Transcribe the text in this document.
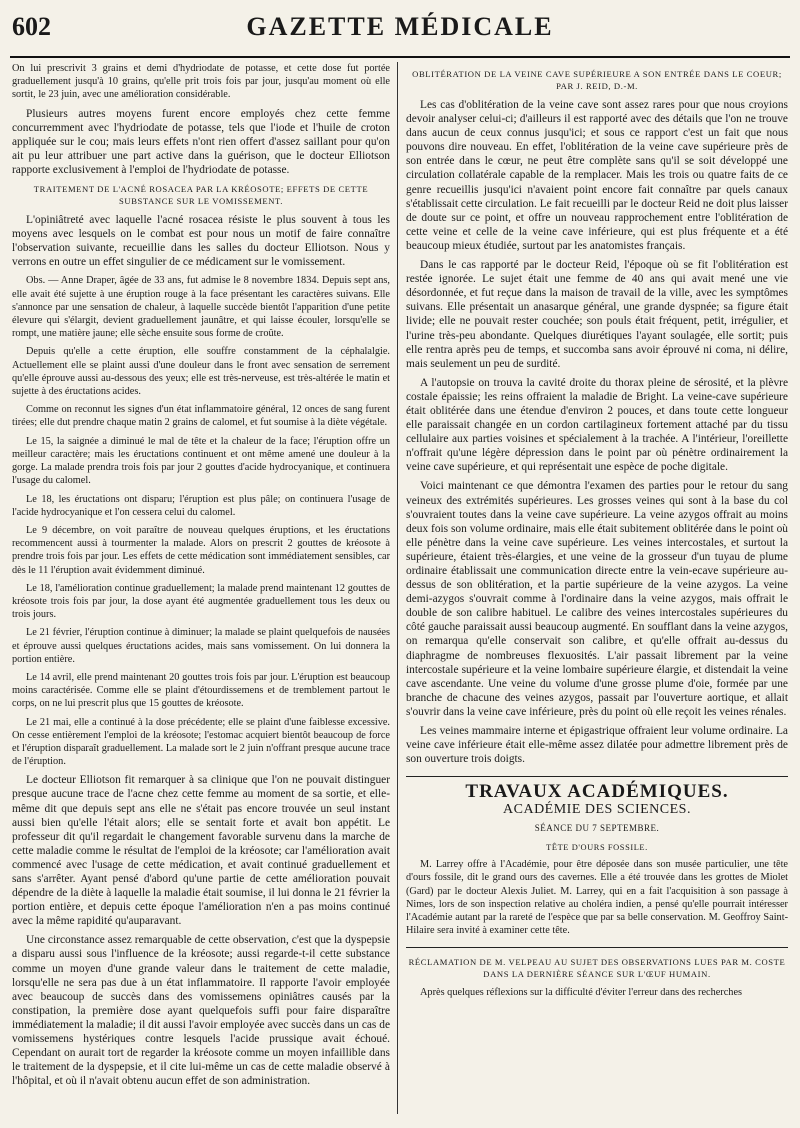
602	GAZETTE MÉDICALE

On lui prescrivit 3 grains et demi d'hydriodate de potasse, et cette dose fut portée graduellement jusqu'à 10 grains, qu'elle prit trois fois par jour, jusqu'au moment où elle sortit, le 23 juin, avec une amélioration considérable.

Plusieurs autres moyens furent encore employés chez cette femme concurremment avec l'hydriodate de potasse, tels que l'iode et l'huile de croton appliquée sur le cou; mais leurs effets n'ont rien offert d'assez saillant pour qu'on ait pu leur attribuer une part active dans la guérison, que le docteur Elliotson rapporte exclusivement à l'emploi de l'hydriodate de potasse.

TRAITEMENT DE L'ACNÉ ROSACEA PAR LA KRÉOSOTE; EFFETS DE CETTE SUBSTANCE SUR LE VOMISSEMENT.

L'opiniâtreté avec laquelle l'acné rosacea résiste le plus souvent à tous les moyens avec lesquels on le combat est pour nous un motif de faire connaître l'observation suivante, recueillie dans les salles du docteur Elliotson. Nous y verrons en outre un effet singulier de ce médicament sur le vomissement.

Obs. — Anne Draper, âgée de 33 ans, fut admise le 8 novembre 1834. Depuis sept ans, elle avait été sujette à une éruption rouge à la face présentant les caractères suivans. Elle s'annonce par une sensation de chaleur, à laquelle succède bientôt l'apparition d'une petite élevure qui s'élargit, devient graduellement jaunâtre, et qui laisse écouler, lorsqu'elle se rompt, une matière jaune; elle sèche ensuite sous forme de croûte.

Depuis qu'elle a cette éruption, elle souffre constamment de la céphalalgie. Actuellement elle se plaint aussi d'une douleur dans le front avec sensation de serrement qu'elle éprouve aussi au-dessous des yeux; elle est très-nerveuse, est très-altérée le matin et sujette à des éructations acides.

Comme on reconnut les signes d'un état inflammatoire général, 12 onces de sang furent tirées; elle dut prendre chaque matin 2 grains de calomel, et fut soumise à la diète végétale.

Le 15, la saignée a diminué le mal de tête et la chaleur de la face; l'éruption offre un meilleur caractère; mais les éructations continuent et ont même amené une douleur à la gorge. La malade prendra trois fois par jour 2 gouttes d'acide hydrocyanique, et continuera l'usage du calomel.

Le 18, les éructations ont disparu; l'éruption est plus pâle; on continuera l'usage de l'acide hydrocyanique et l'on cessera celui du calomel.

Le 9 décembre, on voit paraître de nouveau quelques éruptions, et les éructations recommencent aussi à tourmenter la malade. Alors on prescrit 2 gouttes de kréosote à prendre trois fois par jour. Les effets de cette médication sont immédiatement sensibles, car dès le 11 l'éruption avait évidemment diminué.

Le 18, l'amélioration continue graduellement; la malade prend maintenant 12 gouttes de kréosote trois fois par jour, la dose ayant été augmentée graduellement tous les deux ou trois jours.

Le 21 février, l'éruption continue à diminuer; la malade se plaint quelquefois de nausées et éprouve aussi quelques éructations acides, mais sans vomissement. On lui donnera la portion entière.

Le 14 avril, elle prend maintenant 20 gouttes trois fois par jour. L'éruption est beaucoup moins caractérisée. Comme elle se plaint d'étourdissemens et de tremblement partout le corps, on ne lui prescrit plus que 15 gouttes de kréosote.

Le 21 mai, elle a continué à la dose précédente; elle se plaint d'une faiblesse excessive. On cesse entièrement l'emploi de la kréosote; l'estomac acquiert bientôt beaucoup de force et l'éruption disparaît graduellement. La malade sort le 2 juin n'offrant presque aucune trace de l'éruption.

Le docteur Elliotson fit remarquer à sa clinique que l'on ne pouvait distinguer presque aucune trace de l'acne chez cette femme au moment de sa sortie, et elle-même dit que depuis sept ans elle ne s'était pas encore trouvée un seul instant aussi bien qu'elle l'était alors; elle se sentait forte et avait bon appétit. Le professeur dit qu'il regardait le changement favorable survenu dans la marche de cette maladie comme le résultat de l'emploi de la kréosote; car l'amélioration avait commencé avec l'usage de cette médication, et avait continué graduellement et sans s'arrêter. Ayant pensé d'abord qu'une partie de cette amélioration pouvait dépendre de la diète à laquelle la maladie était soumise, il lui donna le 21 février la portion entière, et depuis cette époque l'amélioration n'en a pas moins continué avec la même rapidité qu'auparavant.

Une circonstance assez remarquable de cette observation, c'est que la dyspepsie a disparu aussi sous l'influence de la kréosote; aussi regarde-t-il cette substance comme un moyen d'une grande valeur dans le traitement de cette maladie, lorsqu'elle ne sera pas due à un état inflammatoire. Il rapporte l'avoir employée avec beaucoup de succès dans des vomissemens opiniâtres causés par la constipation, la première dose ayant quelquefois suffi pour faire disparaître immédiatement la maladie; il dit aussi l'avoir employée avec succès dans un cas de vomissemens hystériques contre lesquels l'acide prussique avait échoué. Cependant on aurait tort de regarder la kréosote comme un moyen infaillible dans le traitement de la dyspepsie, et il cite lui-même un cas de cette maladie observé à l'hôpital, et où il n'avait obtenu aucun effet de son administration.

OBLITÉRATION DE LA VEINE CAVE SUPÉRIEURE A SON ENTRÉE DANS LE COEUR; PAR J. REID, D.-M.

Les cas d'oblitération de la veine cave sont assez rares pour que nous croyions devoir analyser celui-ci; d'ailleurs il est rapporté avec des détails que l'on ne trouve dans aucun de ceux connus jusqu'ici; et sous ce rapport c'est un fait que nous pouvons dire nouveau. En effet, l'oblitération de la veine cave supérieure près de son entrée dans le cœur, ne peut être complète sans qu'il se soit développé une circulation collatérale capable de la remplacer. Mais les trois ou quatre faits de ce genre recueillis jusqu'ici n'avaient point encore fait connaître par quels canaux s'établissait cette circulation. Le fait recueilli par le docteur Reid ne doit plus laisser de doute sur ce point, et offre un nouveau rapprochement entre l'oblitération de cette veine et celle de la veine cave inférieure, qui est plus fréquente et a été beaucoup mieux étudiée, surtout par les anatomistes français.

Dans le cas rapporté par le docteur Reid, l'époque où se fit l'oblitération est restée ignorée. Le sujet était une femme de 40 ans qui avait mené une vie désordonnée, et fut reçue dans la maison de travail de la ville, avec les symptômes suivans. Elle présentait un anasarque général, une grande dyspnée; sa figure était livide; elle ne pouvait rester couchée; son pouls était fréquent, petit, irrégulier, et l'urine très-peu abondante. Quelques diurétiques l'ayant soulagée, elle sortit; puis elle rentra après peu de temps, et succomba sans avoir éprouvé ni coma, ni délire, mais seulement un peu de surdité.

A l'autopsie on trouva la cavité droite du thorax pleine de sérosité, et la plèvre costale épaissie; les reins offraient la maladie de Bright. La veine-cave supérieure était oblitérée dans une étendue d'environ 2 pouces, et dans toute cette longueur elle paraissait changée en un cordon cartilagineux fortement attaché par du tissu cellulaire aux parties voisines et spécialement à la trachée. A l'intérieur, l'oreillette n'offrait qu'une légère dépression dans le point par où pénètre ordinairement la veine cave supérieure, et qui représentait une espèce de poche digitale.

Voici maintenant ce que démontra l'examen des parties pour le retour du sang veineux des extrémités supérieures. Les grosses veines qui sont à la base du col s'ouvraient toutes dans la veine cave supérieure. La veine azygos offrait au moins deux fois son volume ordinaire, mais elle était subitement oblitérée dans le point où elle pénètre dans la veine cave supérieure. Les veines intercostales, et surtout la supérieure, étaient très-élargies, et une veine de la grosseur d'un tuyau de plume ordinaire établissait une communication directe entre la vein-ecave supérieure au-dessus de son oblitération, et la partie supérieure de la veine azygos. La veine demi-azygos s'ouvrait comme à l'ordinaire dans la veine azygos, mais offrait le double de son calibre habituel. Le calibre des veines intercostales supérieures du côté gauche paraissait aussi beaucoup augmenté. En soufflant dans la veine azygos, on remarqua qu'elle conservait son calibre, et qu'elle offrait au-dessus du diaphragme de nombreuses flexuosités. L'air passait librement par la veine intercostale supérieure et la veine lombaire supérieure élargie, et distendait la veine cave ascendante. Une veine du volume d'une grosse plume d'oie, formée par une branche de chacune des veines azygos, passait par l'ouverture aortique, et allait s'ouvrir dans la veine cave inférieure, près du point où elle reçoit les veines rénales.

Les veines mammaire interne et épigastrique offraient leur volume ordinaire. La veine cave inférieure était elle-même assez dilatée pour admettre librement près de son ouverture trois doigts.

TRAVAUX ACADÉMIQUES.
ACADÉMIE DES SCIENCES.
SÉANCE DU 7 SEPTEMBRE.
TÊTE D'OURS FOSSILE.

M. Larrey offre à l'Académie, pour être déposée dans son musée particulier, une tête d'ours fossile, dit le grand ours des cavernes. Elle a été trouvée dans les grottes de Miolet (Gard) par le docteur Alexis Juliet. M. Larrey, qui en a fait l'acquisition à son passage à Nimes, lors de son inspection relative au choléra indien, a pensé qu'elle pourrait intéresser l'Académie autant par la rareté de l'espèce que par sa belle conservation. M. Geoffroy Saint-Hilaire sera invité à examiner cette tête.

RÉCLAMATION DE M. VELPEAU AU SUJET DES OBSERVATIONS LUES PAR M. COSTE DANS LA DERNIÈRE SÉANCE SUR L'ŒUF HUMAIN.

Après quelques réflexions sur la difficulté d'éviter l'erreur dans des recherches
